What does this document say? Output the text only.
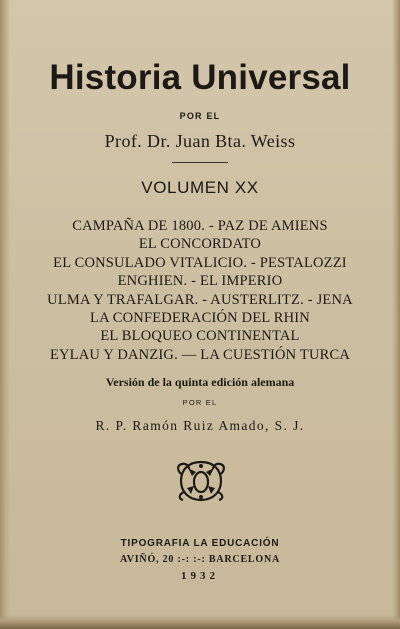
Historia Universal
POR EL
Prof. Dr. Juan Bta. Weiss
VOLUMEN XX
CAMPAÑA DE 1800. - PAZ DE AMIENS
EL CONCORDATO
EL CONSULADO VITALICIO. - PESTALOZZI
ENGHIEN. - EL IMPERIO
ULMA Y TRAFALGAR. - AUSTERLITZ. - JENA
LA CONFEDERACIÓN DEL RHIN
EL BLOQUEO CONTINENTAL
EYLAU Y DANZIG. — LA CUESTIÓN TURCA
Versión de la quinta edición alemana
POR EL
R. P. Ramón Ruiz Amado, S. J.
TIPOGRAFIA LA EDUCACIÓN
AVIÑÓ, 20 :-: :-: BARCELONA
1932
